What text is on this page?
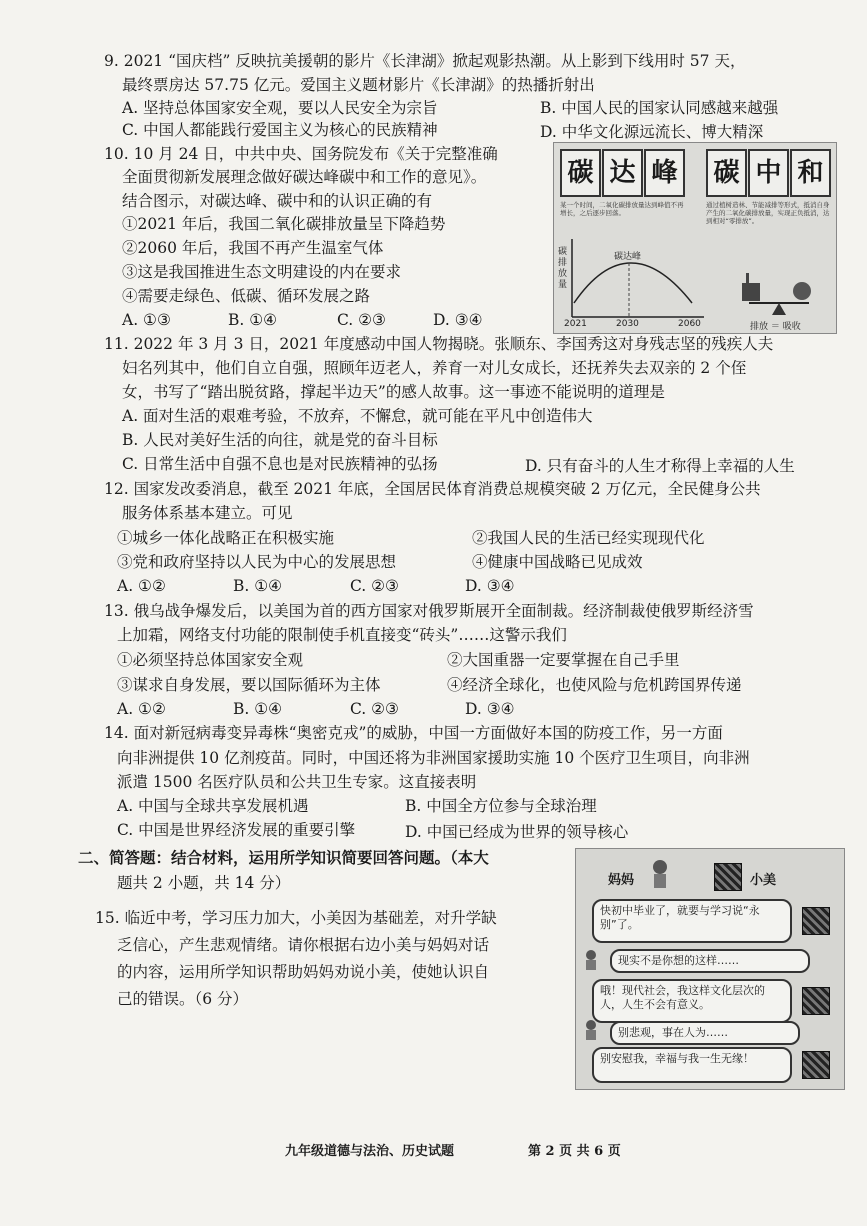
9. 2021 “国庆档” 反映抗美援朝的影片《长津湖》掀起观影热潮。从上影到下线用时 57 天，
最终票房达 57.75 亿元。爱国主义题材影片《长津湖》的热播折射出
A. 坚持总体国家安全观，要以人民安全为宗旨	B. 中国人民的国家认同感越来越强
C. 中国人都能践行爱国主义为核心的民族精神	D. 中华文化源远流长、博大精深
10. 10 月 24 日，中共中央、国务院发布《关于完整准确
全面贯彻新发展理念做好碳达峰碳中和工作的意见》。
结合图示，对碳达峰、碳中和的认识正确的有
①2021 年后，我国二氧化碳排放量呈下降趋势
②2060 年后，我国不再产生温室气体
③这是我国推进生态文明建设的内在要求
④需要走绿色、低碳、循环发展之路
A. ①③	B. ①④	C. ②③	D. ③④
碳 达 峰 碳 中 和
某一个时间，二氧化碳排放量达到峰值不再增长，之后逐步回落。
通过植树造林、节能减排等形式，抵消自身产生的二氧化碳排放量，实现正负抵消，达到相对“零排放”。
碳排放量
碳达峰
2021	2030	2060	排放 ＝ 吸收
11. 2022 年 3 月 3 日，2021 年度感动中国人物揭晓。张顺东、李国秀这对身残志坚的残疾人夫
妇名列其中，他们自立自强，照顾年迈老人，养育一对儿女成长，还抚养失去双亲的 2 个侄
女，书写了“踏出脱贫路，撑起半边天”的感人故事。这一事迹不能说明的道理是
A. 面对生活的艰难考验，不放弃，不懈怠，就可能在平凡中创造伟大
B. 人民对美好生活的向往，就是党的奋斗目标
C. 日常生活中自强不息也是对民族精神的弘扬	D. 只有奋斗的人生才称得上幸福的人生
12. 国家发改委消息，截至 2021 年底，全国居民体育消费总规模突破 2 万亿元，全民健身公共
服务体系基本建立。可见
①城乡一体化战略正在积极实施	②我国人民的生活已经实现现代化
③党和政府坚持以人民为中心的发展思想	④健康中国战略已见成效
A. ①②	B. ①④	C. ②③	D. ③④
13. 俄乌战争爆发后，以美国为首的西方国家对俄罗斯展开全面制裁。经济制裁使俄罗斯经济雪
上加霜，网络支付功能的限制使手机直接变“砖头”……这警示我们
①必须坚持总体国家安全观	②大国重器一定要掌握在自己手里
③谋求自身发展，要以国际循环为主体	④经济全球化，也使风险与危机跨国界传递
A. ①②	B. ①④	C. ②③	D. ③④
14. 面对新冠病毒变异毒株“奥密克戎”的威胁，中国一方面做好本国的防疫工作，另一方面
向非洲提供 10 亿剂疫苗。同时，中国还将为非洲国家援助实施 10 个医疗卫生项目，向非洲
派遣 1500 名医疗队员和公共卫生专家。这直接表明
A. 中国与全球共享发展机遇	B. 中国全方位参与全球治理
C. 中国是世界经济发展的重要引擎	D. 中国已经成为世界的领导核心
二、简答题：结合材料，运用所学知识简要回答问题。（本大
题共 2 小题，共 14 分）
15. 临近中考，学习压力加大，小美因为基础差，对升学缺
乏信心，产生悲观情绪。请你根据右边小美与妈妈对话
的内容，运用所学知识帮助妈妈劝说小美，使她认识自
己的错误。（6 分）
妈妈	小美
快初中毕业了，就要与学习说“永别”了。
现实不是你想的这样……
哦！现代社会，我这样文化层次的人，人生不会有意义。
别悲观，事在人为……
别安慰我，幸福与我一生无缘！
九年级道德与法治、历史试题	第 2 页 共 6 页
